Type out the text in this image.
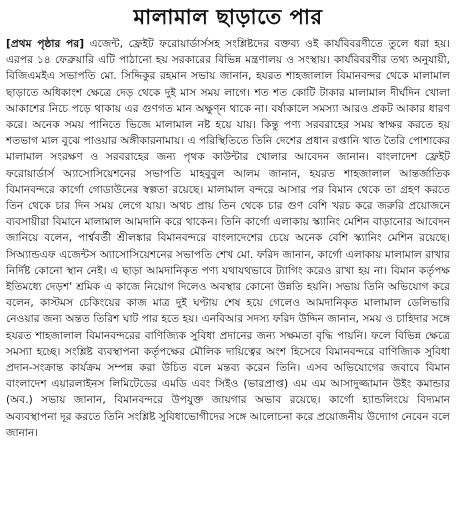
মালামাল ছাড়াতে পার

[প্রথম পৃষ্ঠার পর] এজেন্ট, ফ্রেইট ফরোয়ার্ডার্সসহ সংশ্লিষ্টদের বক্তব্য ওই কার্যবিবরণীতে তুলে ধরা হয়। এরপর ১৪ ফেব্রুয়ারি এটি পাঠানো হয় সরকারের বিভিন্ন মন্ত্রণালয় ও সংস্থায়। কার্যবিবরণীর তথ্য অনুযায়ী, বিজিএমইএ সভাপতি মো. সিদ্দিকুর রহমান সভায় জানান, হযরত শাহজালাল বিমানবন্দর থেকে মালামাল ছাড়াতে অধিকাংশ ক্ষেত্রে দেড় থেকে দুই মাস সময় লাগে। শত শত কোটি টাকার মালামাল দীর্ঘদিন খোলা আকাশের নিচে পড়ে থাকায় এর গুণগত মান অক্ষুণ্ন থাকে না। বর্ষাকালে সমস্যা আরও প্রকট আকার ধারণ করে। অনেক সময় পানিতে ভিজে মালামাল নষ্ট হয়ে যায়। কিন্তু পণ্য সরবরাহের সময় স্বাক্ষর করতে হয় শতভাগ মাল বুঝে পাওয়ার অঙ্গীকারনামায়। এ পরিস্থিতিতে তিনি দেশের প্রধান রপ্তানি খাত তৈরি পোশাকের মালামাল সংরক্ষণ ও সরবরাহের জন্য পৃথক কাউন্টার খোলার আবেদন জানান। বাংলাদেশ ফ্রেইট ফরোয়ার্ডার্স অ্যাসোসিয়েশনের সভাপতি মাহবুবুল আলম জানান, হযরত শাহজালাল আন্তর্জাতিক বিমানবন্দরে কার্গো গোডাউনের স্বল্পতা রয়েছে। মালামাল বন্দরে আসার পর বিমান থেকে তা গ্রহণ করতে তিন থেকে চার দিন সময় লেগে যায়। অথচ প্রায় তিন থেকে চার গুণ বেশি খরচ করে জরুরি প্রয়োজনে ব্যবসায়ীরা বিমানে মালামাল আমদানি করে থাকেন। তিনি কার্গো এলাকায় স্ক্যানিং মেশিন বাড়ানোর আবেদন জানিয়ে বলেন, পার্শ্ববর্তী শ্রীলঙ্কার বিমানবন্দরে বাংলাদেশের চেয়ে অনেক বেশি স্ক্যানিং মেশিন রয়েছে। সিঅ্যান্ডএফ এজেন্টস অ্যাসোসিয়েশনের সভাপতি শেখ মো. ফরিদ জানান, কার্গো এলাকায় মালামাল রাখার নির্দিষ্ট কোনো স্থান নেই। এ ছাড়া আমদানিকৃত পণ্য যথাযথভাবে ট্যাগিং করেও রাখা হয় না। বিমান কর্তৃপক্ষ ইতিমধ্যে দেড়শ' শ্রমিক এ কাজে নিয়োগ দিলেও অবস্থার কোনো উন্নতি হয়নি। সভায় তিনি অভিযোগ করে বলেন, কাস্টমস চেকিংয়ের কাজ মাত্র দুই ঘণ্টায় শেষ হয়ে গেলেও আমদানিকৃত মালামাল ডেলিভারি নেওয়ার জন্য অন্তত তিরিশ ঘাট পার হতে হয়। এনবিআর সদস্য ফরিদ উদ্দিন জানান, সময় ও চাহিদার সঙ্গে হযরত শাহজালাল বিমানবন্দরের বাণিজ্যিক সুবিধা প্রদানের জন্য সক্ষমতা বৃদ্ধি পায়নি। ফলে বিভিন্ন ক্ষেত্রে সমস্যা হচ্ছে। সংশ্লিষ্ট ব্যবস্থাপনা কর্তৃপক্ষের মৌলিক দায়িত্বের অংশ হিসেবে বিমানবন্দরে বাণিজ্যিক সুবিধা প্রদান-সংক্রান্ত কার্যক্রম সম্পন্ন করা উচিত বলে মন্তব্য করেন তিনি। এসব অভিযোগের জবাবে বিমান বাংলাদেশ এয়ারলাইনস লিমিটেডের এমডি এবং সিইও (ভারপ্রাপ্ত) এম এম আসাদুজ্জামান উইং কমান্ডার (অব.) সভায় জানান, বিমানবন্দরে উপযুক্ত জায়গার অভাব রয়েছে। কার্গো হ্যান্ডলিংয়ে বিদ্যমান অব্যবস্থাপনা দূর করতে তিনি সংশ্লিষ্ট সুবিধাভোগীদের সঙ্গে আলোচনা করে প্রয়োজনীয় উদ্যোগ নেবেন বলে জানান।
